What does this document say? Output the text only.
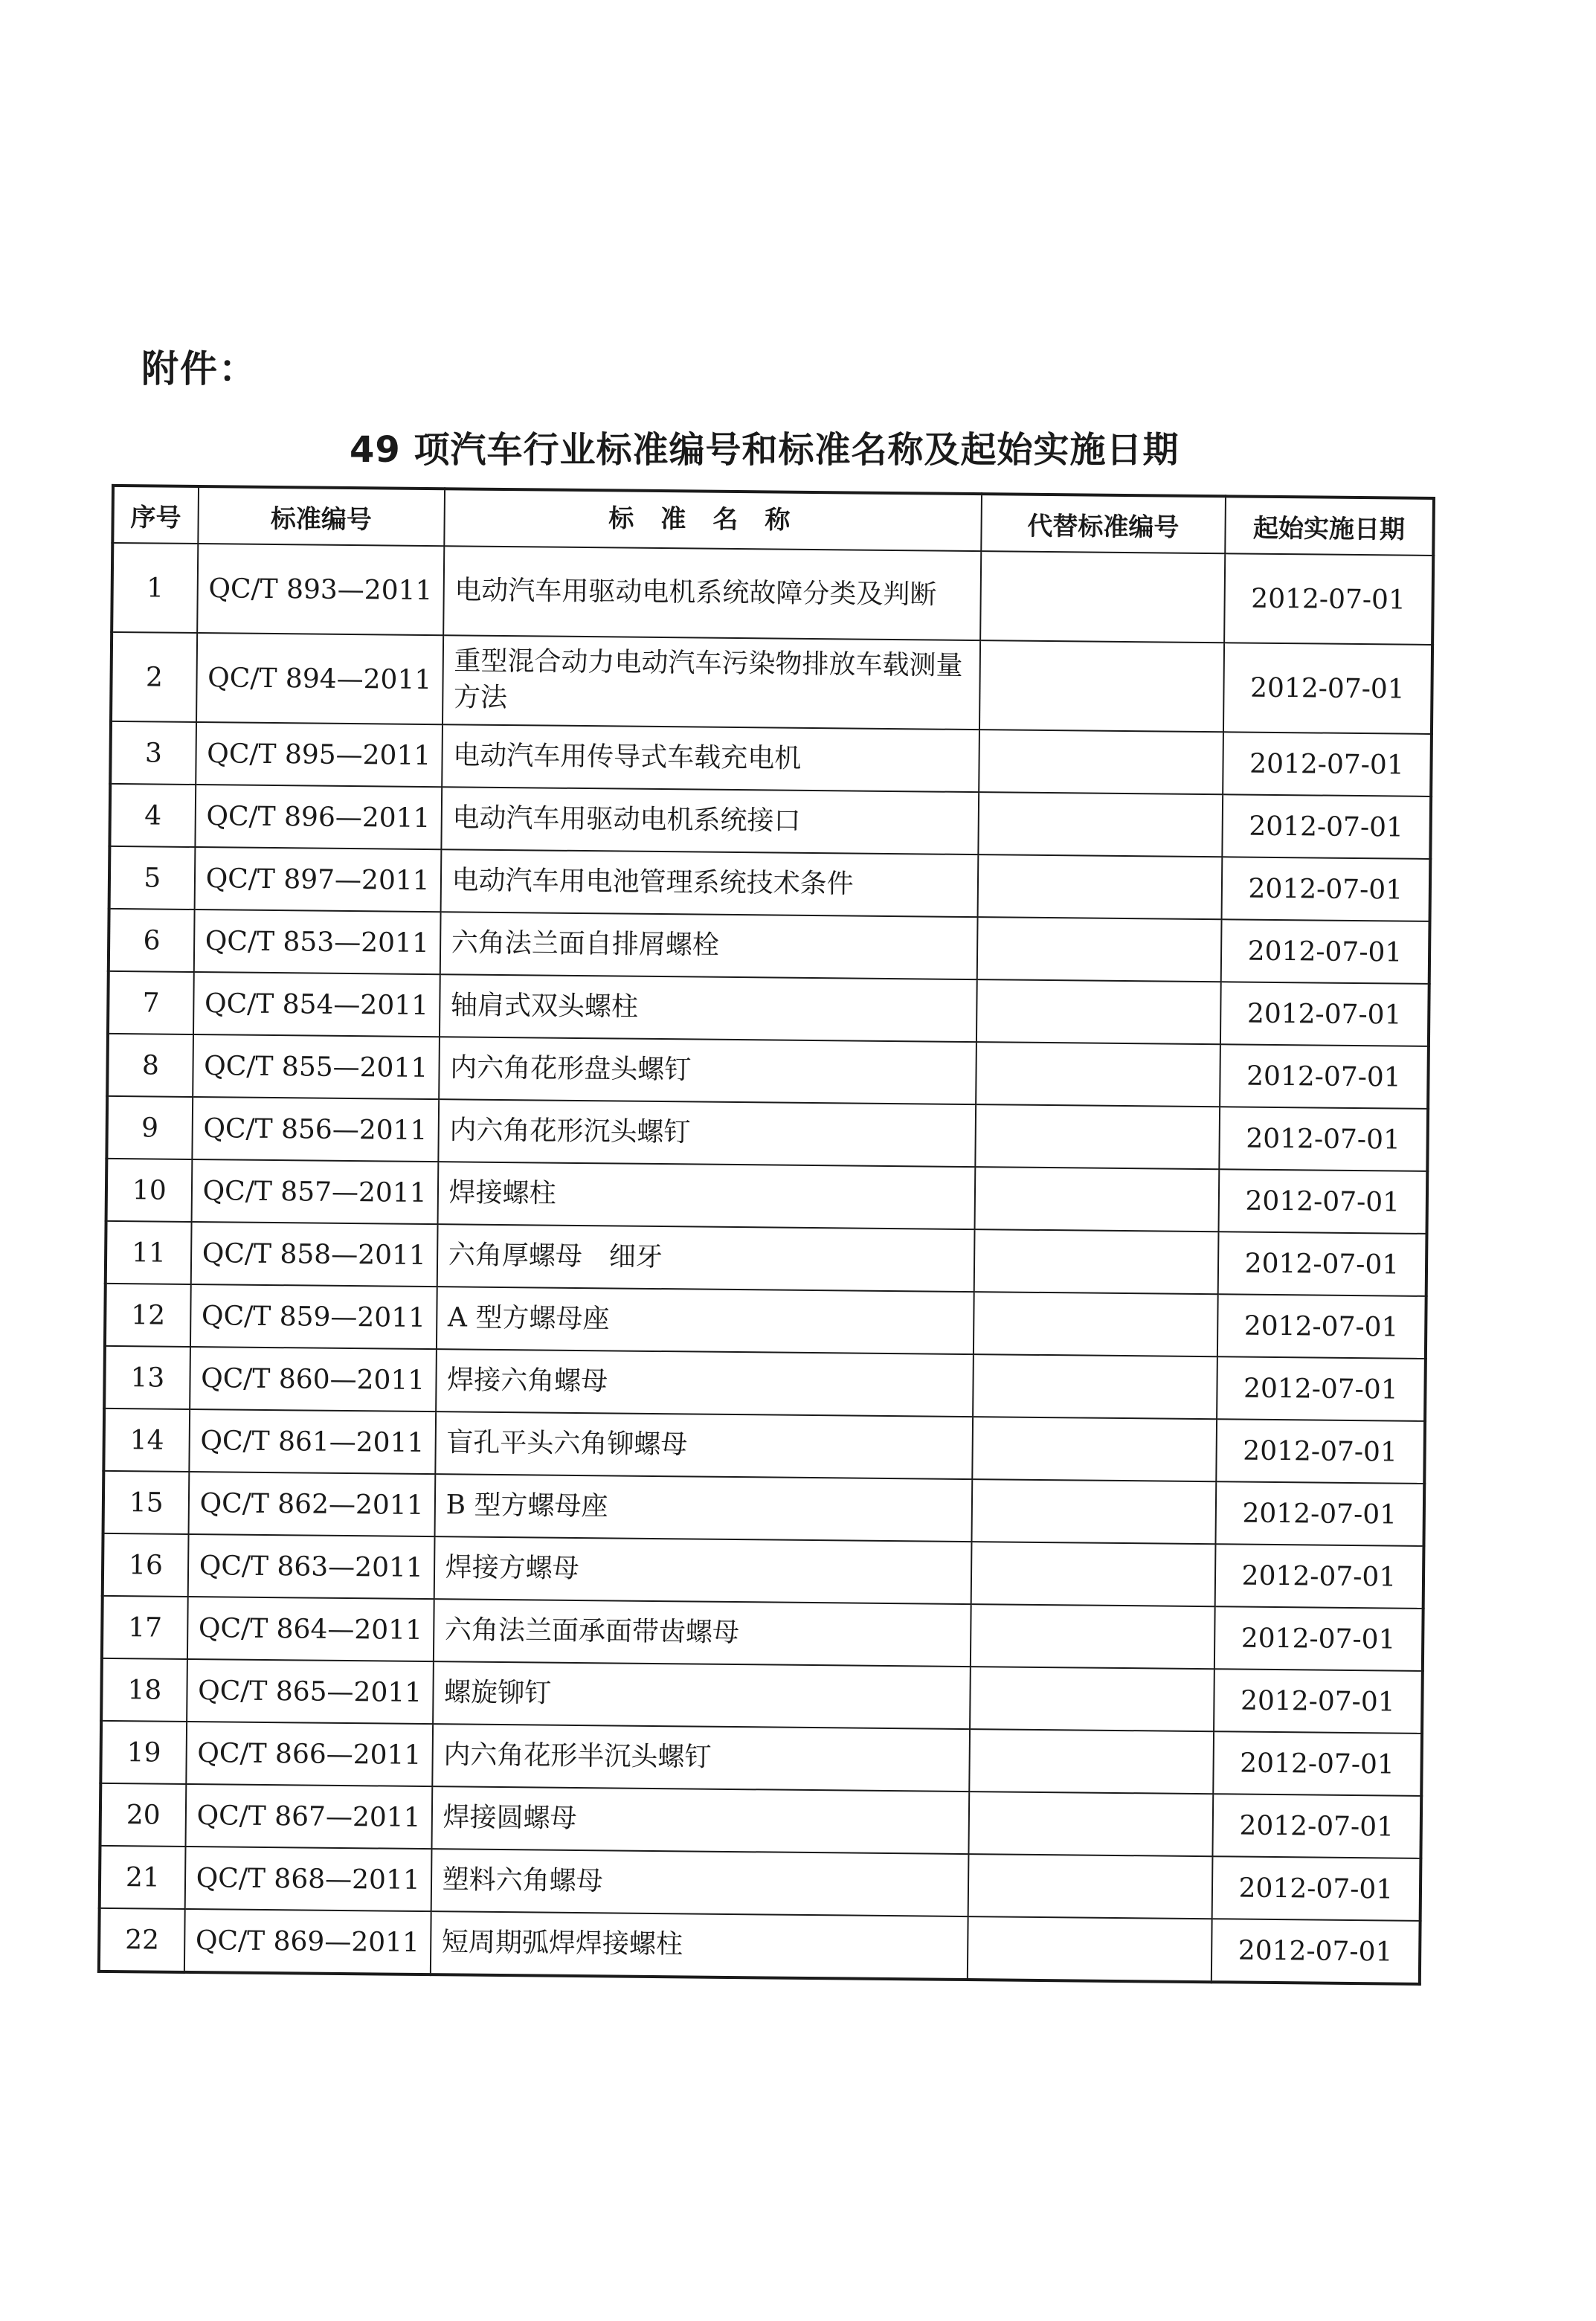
附件：
49 项汽车行业标准编号和标准名称及起始实施日期
序号	标准编号	标准名称	代替标准编号	起始实施日期
1	QC/T 893—2011	电动汽车用驱动电机系统故障分类及判断		2012-07-01
2	QC/T 894—2011	重型混合动力电动汽车污染物排放车载测量方法		2012-07-01
3	QC/T 895—2011	电动汽车用传导式车载充电机		2012-07-01
4	QC/T 896—2011	电动汽车用驱动电机系统接口		2012-07-01
5	QC/T 897—2011	电动汽车用电池管理系统技术条件		2012-07-01
6	QC/T 853—2011	六角法兰面自排屑螺栓		2012-07-01
7	QC/T 854—2011	轴肩式双头螺柱		2012-07-01
8	QC/T 855—2011	内六角花形盘头螺钉		2012-07-01
9	QC/T 856—2011	内六角花形沉头螺钉		2012-07-01
10	QC/T 857—2011	焊接螺柱		2012-07-01
11	QC/T 858—2011	六角厚螺母　细牙		2012-07-01
12	QC/T 859—2011	A 型方螺母座		2012-07-01
13	QC/T 860—2011	焊接六角螺母		2012-07-01
14	QC/T 861—2011	盲孔平头六角铆螺母		2012-07-01
15	QC/T 862—2011	B 型方螺母座		2012-07-01
16	QC/T 863—2011	焊接方螺母		2012-07-01
17	QC/T 864—2011	六角法兰面承面带齿螺母		2012-07-01
18	QC/T 865—2011	螺旋铆钉		2012-07-01
19	QC/T 866—2011	内六角花形半沉头螺钉		2012-07-01
20	QC/T 867—2011	焊接圆螺母		2012-07-01
21	QC/T 868—2011	塑料六角螺母		2012-07-01
22	QC/T 869—2011	短周期弧焊焊接螺柱		2012-07-01
